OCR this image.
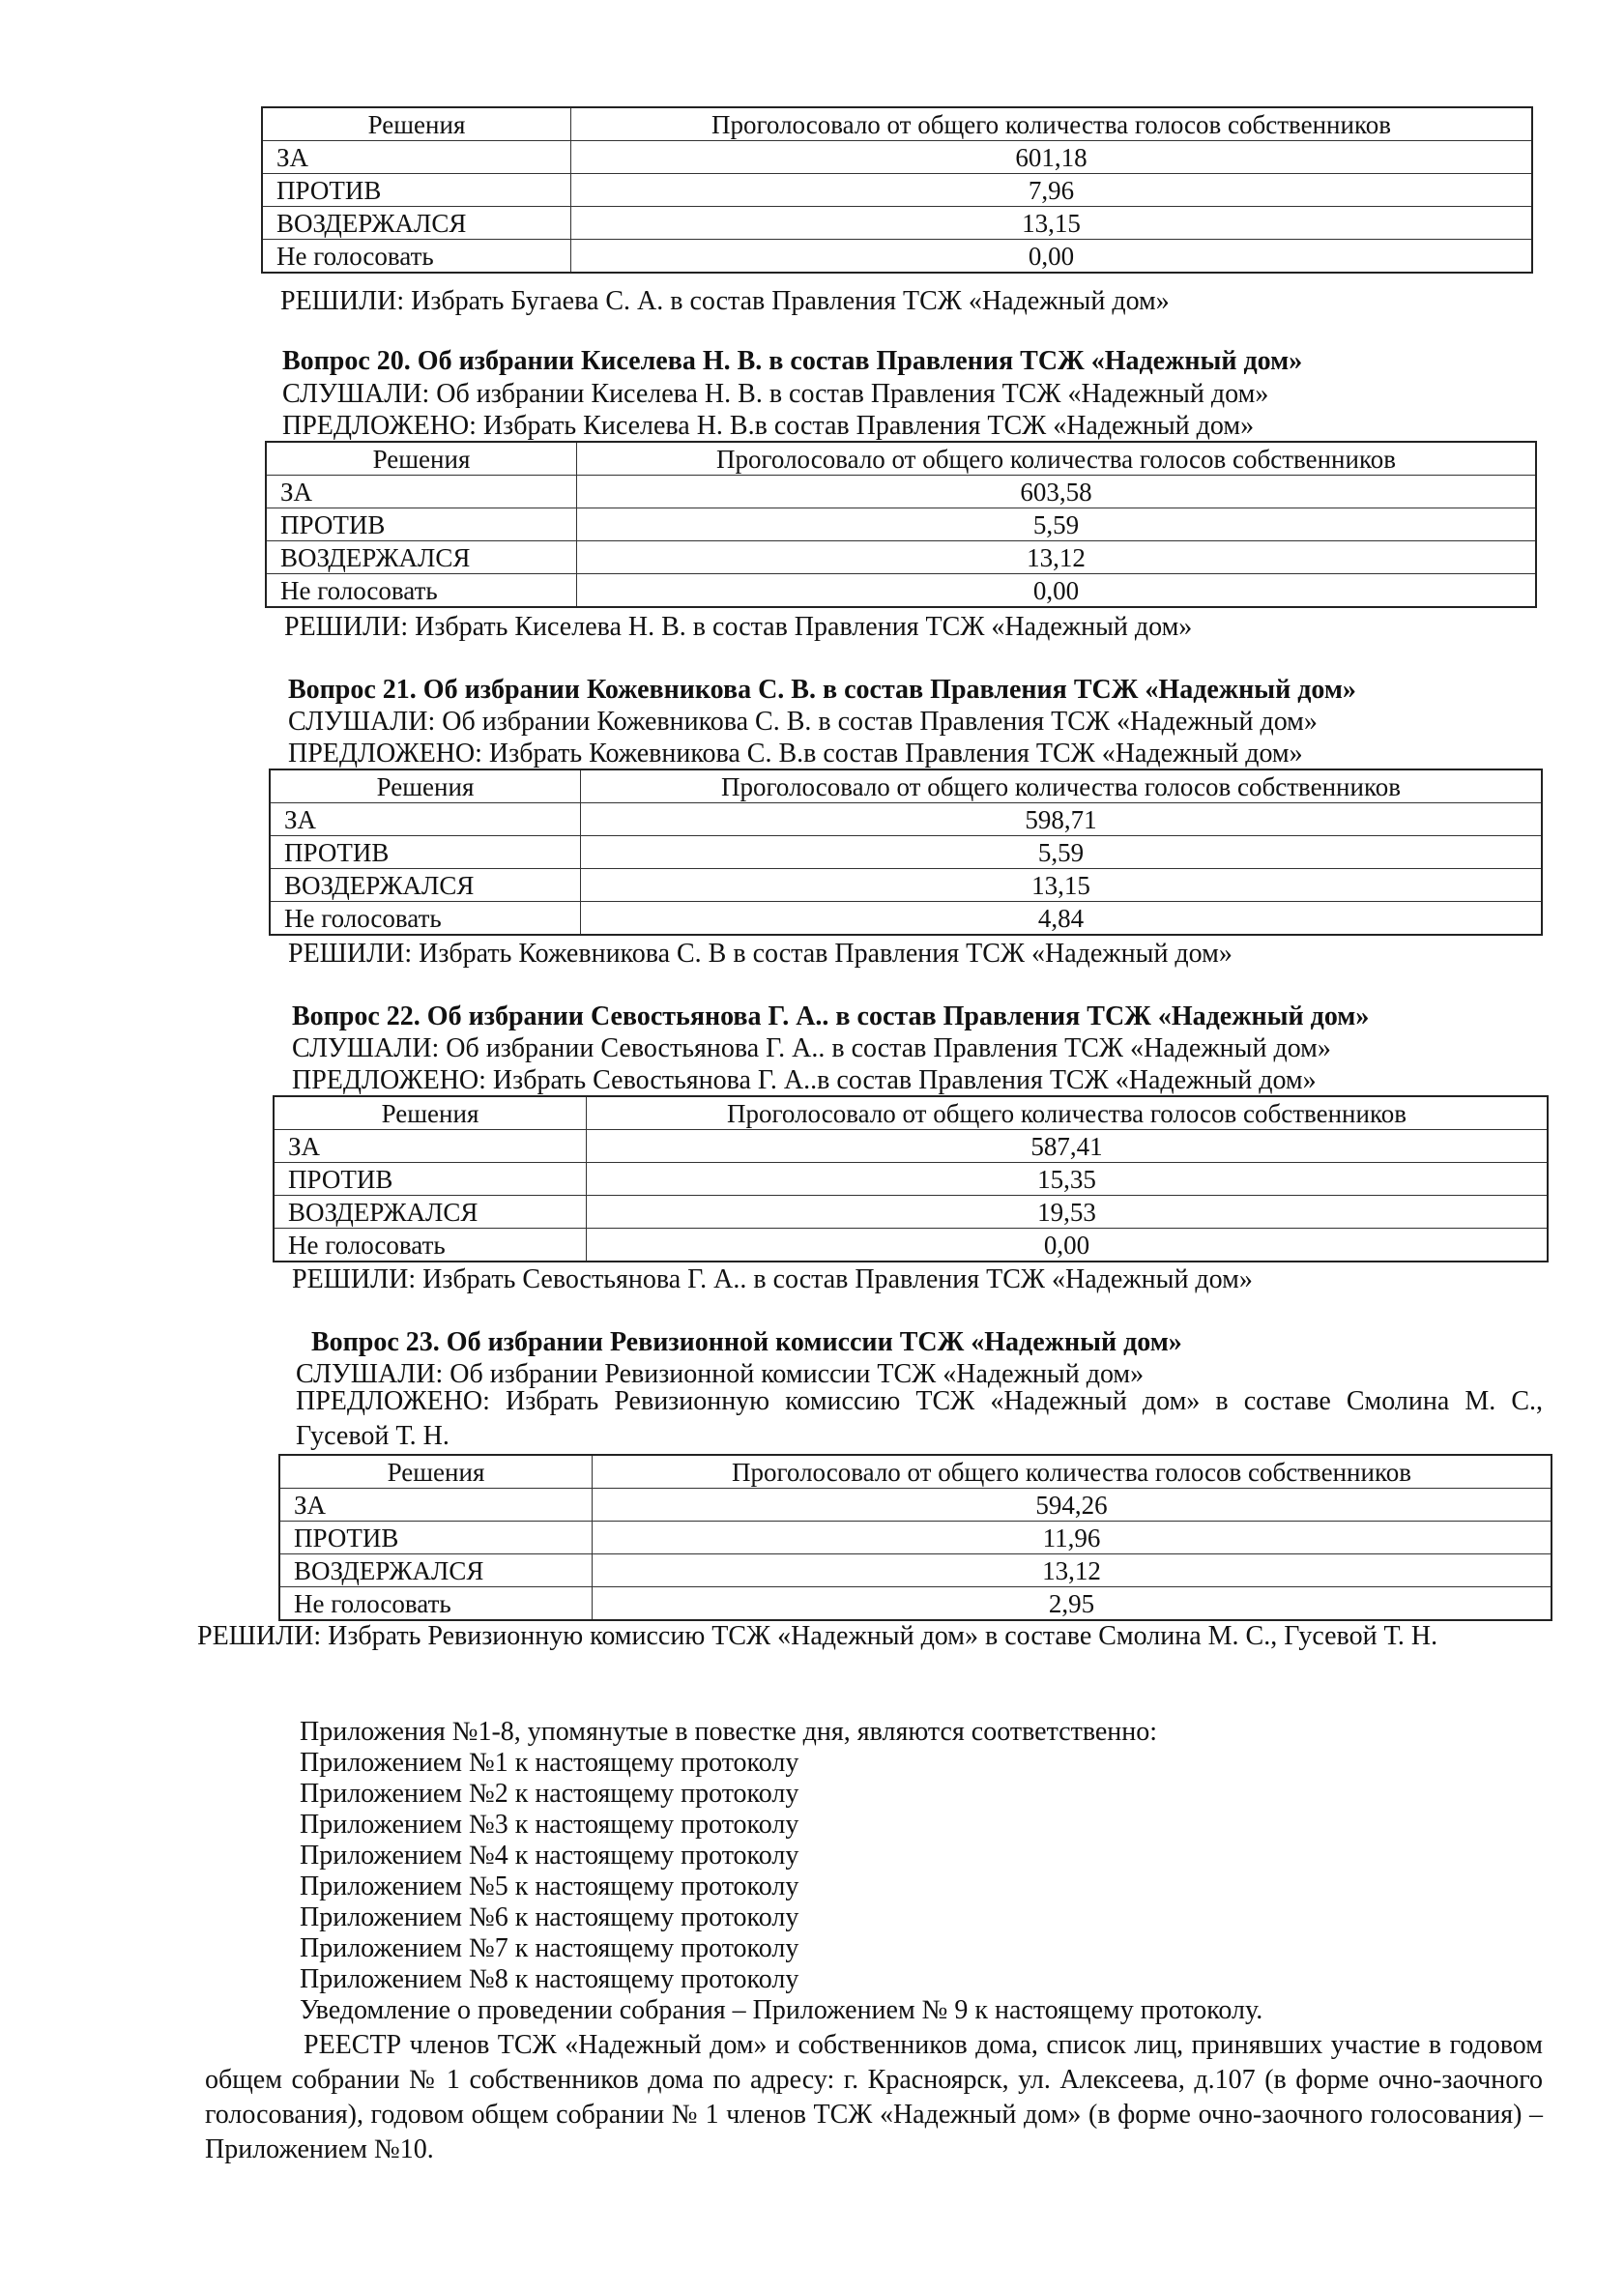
Решения	Проголосовало от общего количества голосов собственников
ЗА	601,18
ПРОТИВ	7,96
ВОЗДЕРЖАЛСЯ	13,15
Не голосовать	0,00
РЕШИЛИ: Избрать Бугаева С. А. в состав Правления ТСЖ «Надежный дом»
Вопрос 20. Об избрании Киселева Н. В. в состав Правления ТСЖ «Надежный дом»
СЛУШАЛИ: Об избрании Киселева Н. В. в состав Правления ТСЖ «Надежный дом»
ПРЕДЛОЖЕНО: Избрать Киселева Н. В.в состав Правления ТСЖ «Надежный дом»
Решения	Проголосовало от общего количества голосов собственников
ЗА	603,58
ПРОТИВ	5,59
ВОЗДЕРЖАЛСЯ	13,12
Не голосовать	0,00
РЕШИЛИ: Избрать Киселева Н. В. в состав Правления ТСЖ «Надежный дом»
Вопрос 21. Об избрании Кожевникова С. В. в состав Правления ТСЖ «Надежный дом»
СЛУШАЛИ: Об избрании Кожевникова С. В. в состав Правления ТСЖ «Надежный дом»
ПРЕДЛОЖЕНО: Избрать Кожевникова С. В.в состав Правления ТСЖ «Надежный дом»
Решения	Проголосовало от общего количества голосов собственников
ЗА	598,71
ПРОТИВ	5,59
ВОЗДЕРЖАЛСЯ	13,15
Не голосовать	4,84
РЕШИЛИ: Избрать Кожевникова С. В в состав Правления ТСЖ «Надежный дом»
Вопрос 22. Об избрании Севостьянова Г. А.. в состав Правления ТСЖ «Надежный дом»
СЛУШАЛИ: Об избрании Севостьянова Г. А.. в состав Правления ТСЖ «Надежный дом»
ПРЕДЛОЖЕНО: Избрать Севостьянова Г. А..в состав Правления ТСЖ «Надежный дом»
Решения	Проголосовало от общего количества голосов собственников
ЗА	587,41
ПРОТИВ	15,35
ВОЗДЕРЖАЛСЯ	19,53
Не голосовать	0,00
РЕШИЛИ: Избрать Севостьянова Г. А.. в состав Правления ТСЖ «Надежный дом»
Вопрос 23. Об избрании Ревизионной комиссии ТСЖ «Надежный дом»
СЛУШАЛИ: Об избрании Ревизионной комиссии ТСЖ «Надежный дом»
ПРЕДЛОЖЕНО: Избрать Ревизионную комиссию ТСЖ «Надежный дом» в составе Смолина М. С., Гусевой Т. Н.
Решения	Проголосовало от общего количества голосов собственников
ЗА	594,26
ПРОТИВ	11,96
ВОЗДЕРЖАЛСЯ	13,12
Не голосовать	2,95
РЕШИЛИ: Избрать Ревизионную комиссию ТСЖ «Надежный дом» в составе Смолина М. С., Гусевой Т. Н.
Приложения №1-8, упомянутые в повестке дня, являются соответственно:
Приложением №1 к настоящему протоколу
Приложением №2 к настоящему протоколу
Приложением №3 к настоящему протоколу
Приложением №4 к настоящему протоколу
Приложением №5 к настоящему протоколу
Приложением №6 к настоящему протоколу
Приложением №7 к настоящему протоколу
Приложением №8 к настоящему протоколу
Уведомление о проведении собрания – Приложением № 9 к настоящему протоколу.
РЕЕСТР членов ТСЖ «Надежный дом» и собственников дома, список лиц, принявших участие в годовом общем собрании № 1 собственников дома по адресу: г. Красноярск, ул. Алексеева, д.107 (в форме очно-заочного голосования), годовом общем собрании № 1 членов ТСЖ «Надежный дом» (в форме очно-заочного голосования) – Приложением №10.
